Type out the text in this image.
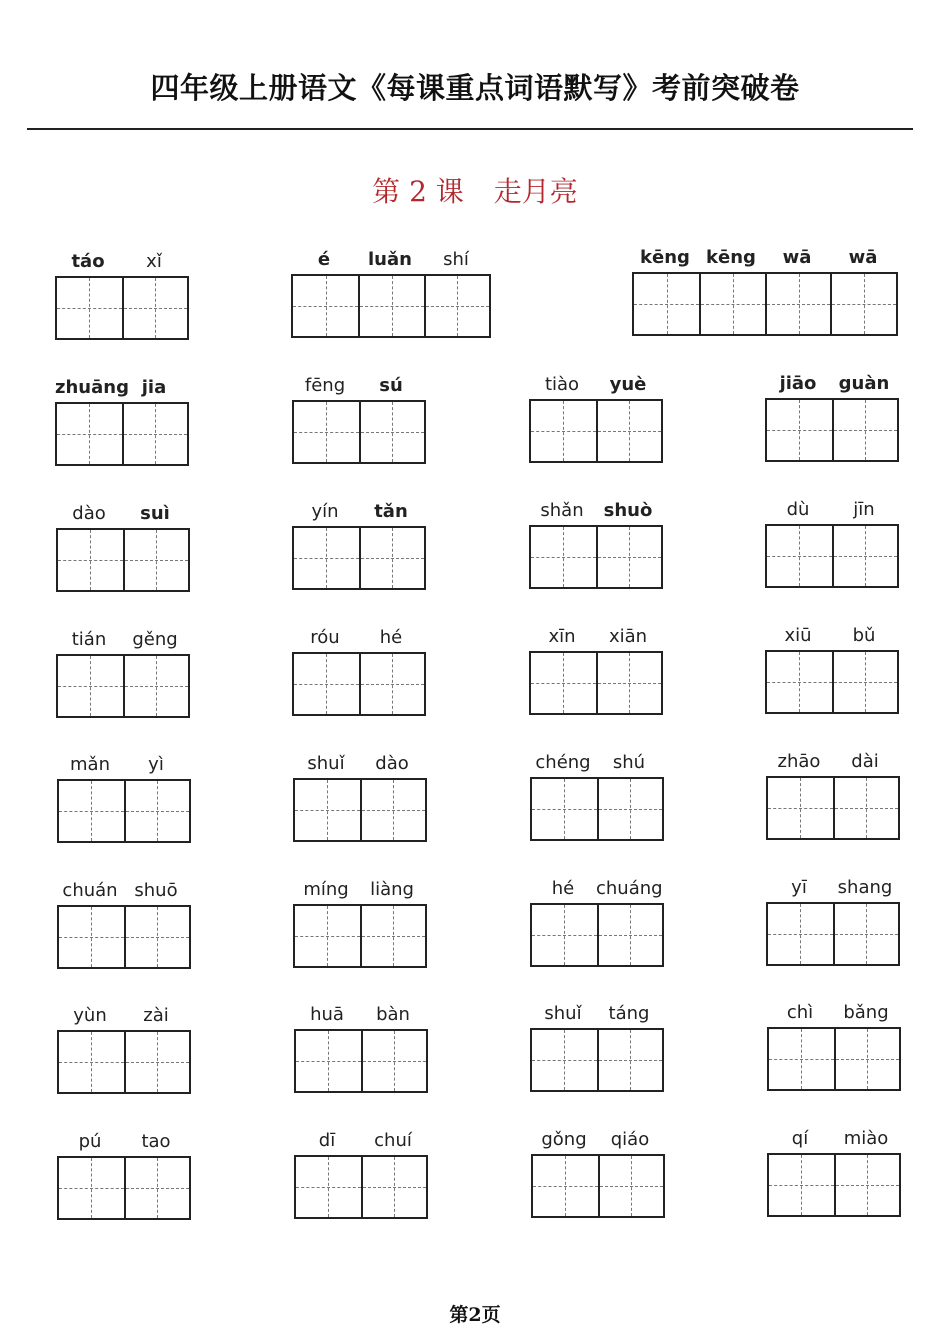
四年级上册语文《每课重点词语默写》考前突破卷
第 2 课 走月亮
táo	xǐ	é	luǎn	shí	kēng kēng	wā	wā
zhuāng jia	fēng	sú	tiào	yuè	jiāo	guàn
dào	suì	yín	tǎn	shǎn	shuò	dù	jīn
tián	gěng	róu	hé	xīn	xiān	xiū	bǔ
mǎn	yì	shuǐ	dào	chéng	shú	zhāo	dài
chuán shuō	míng	liàng	hé	chuáng	yī	shang
yùn	zài	huā	bàn	shuǐ	táng	chì	bǎng
pú	tao	dī	chuí	gǒng	qiáo	qí	miào
第2页
